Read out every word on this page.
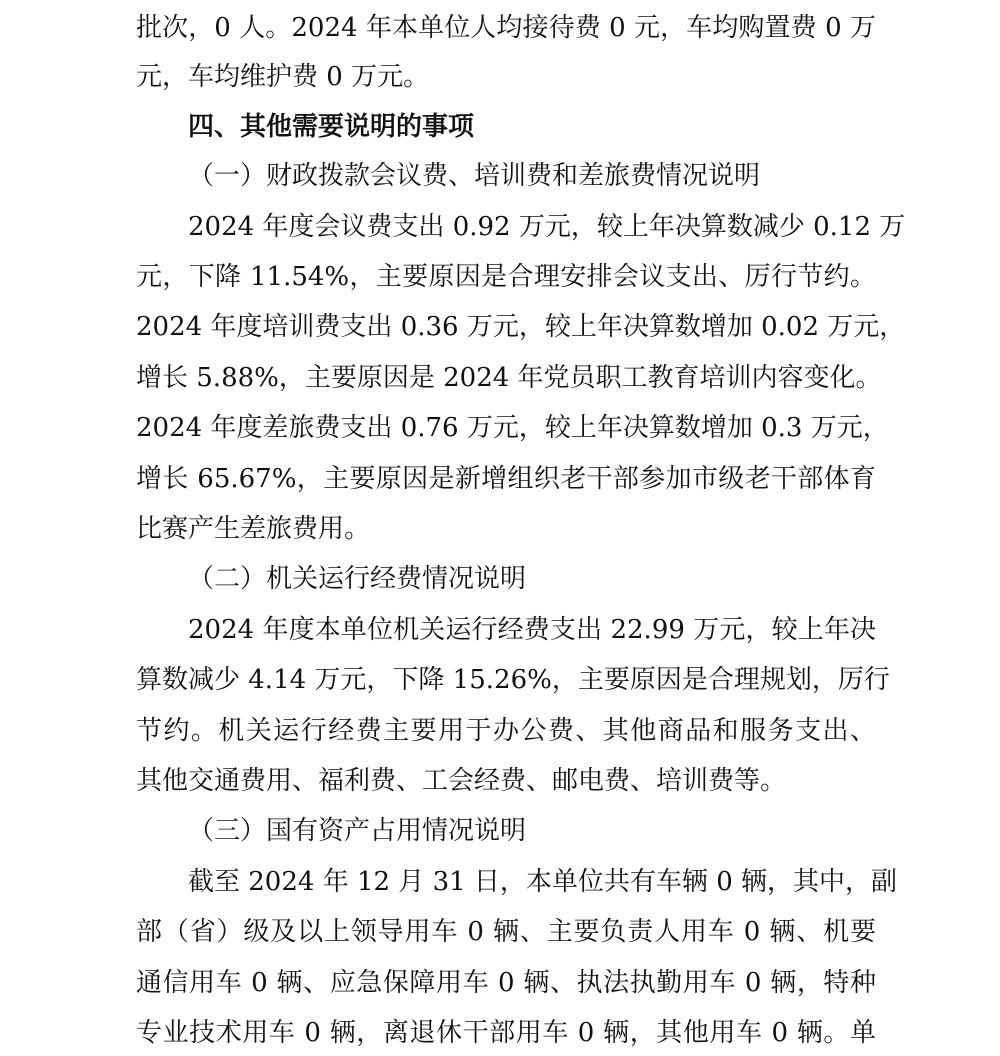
批次，0 人。2024 年本单位人均接待费 0 元，车均购置费 0 万
元，车均维护费 0 万元。
四、其他需要说明的事项
（一）财政拨款会议费、培训费和差旅费情况说明
2024 年度会议费支出 0.92 万元，较上年决算数减少 0.12 万
元，下降 11.54%，主要原因是合理安排会议支出、厉行节约。
2024 年度培训费支出 0.36 万元，较上年决算数增加 0.02 万元，
增长 5.88%，主要原因是 2024 年党员职工教育培训内容变化。
2024 年度差旅费支出 0.76 万元，较上年决算数增加 0.3 万元，
增长 65.67%，主要原因是新增组织老干部参加市级老干部体育
比赛产生差旅费用。
（二）机关运行经费情况说明
2024 年度本单位机关运行经费支出 22.99 万元，较上年决
算数减少 4.14 万元，下降 15.26%，主要原因是合理规划，厉行
节约。机关运行经费主要用于办公费、其他商品和服务支出、
其他交通费用、福利费、工会经费、邮电费、培训费等。
（三）国有资产占用情况说明
截至 2024 年 12 月 31 日，本单位共有车辆 0 辆，其中，副
部（省）级及以上领导用车 0 辆、主要负责人用车 0 辆、机要
通信用车 0 辆、应急保障用车 0 辆、执法执勤用车 0 辆，特种
专业技术用车 0 辆，离退休干部用车 0 辆，其他用车 0 辆。单
